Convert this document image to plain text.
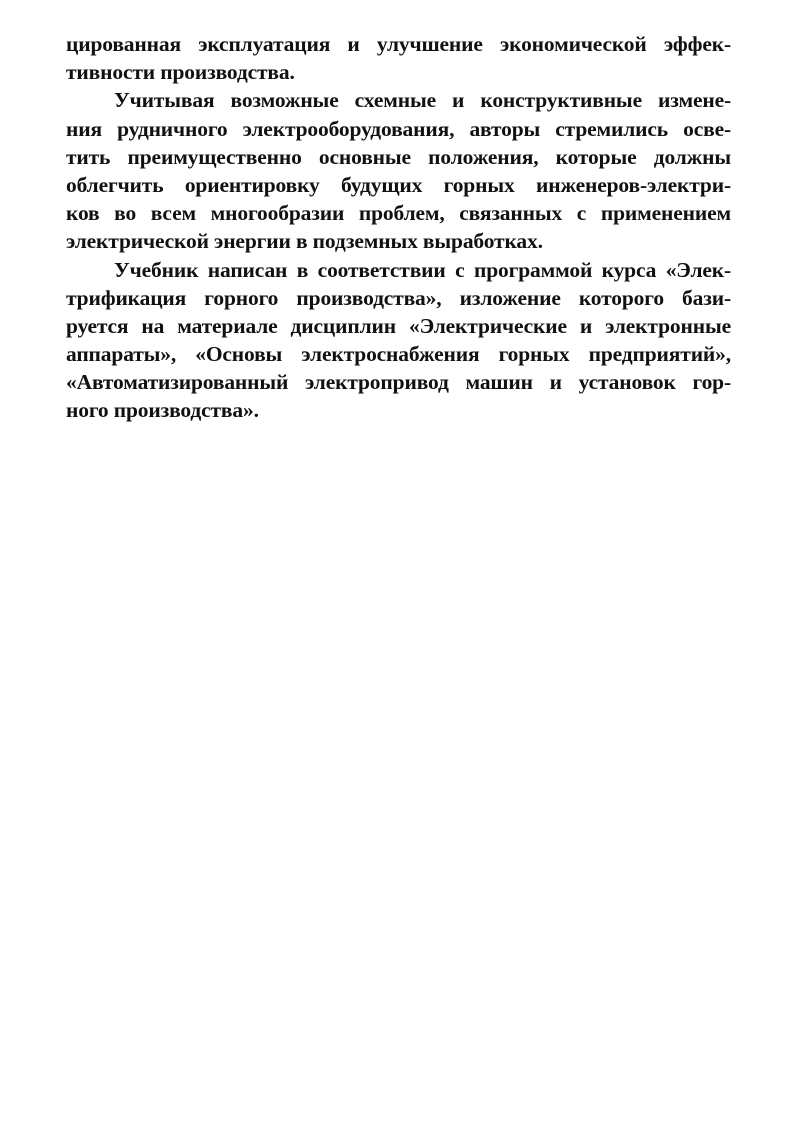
цированная эксплуатация и улучшение экономической эффек-
тивности производства.
Учитывая возможные схемные и конструктивные измене-
ния рудничного электрооборудования, авторы стремились осве-
тить преимущественно основные положения, которые должны
облегчить ориентировку будущих горных инженеров-электри-
ков во всем многообразии проблем, связанных с применением
электрической энергии в подземных выработках.
Учебник написан в соответствии с программой курса «Элек-
трификация горного производства», изложение которого бази-
руется на материале дисциплин «Электрические и электронные
аппараты», «Основы электроснабжения горных предприятий»,
«Автоматизированный электропривод машин и установок гор-
ного производства».
